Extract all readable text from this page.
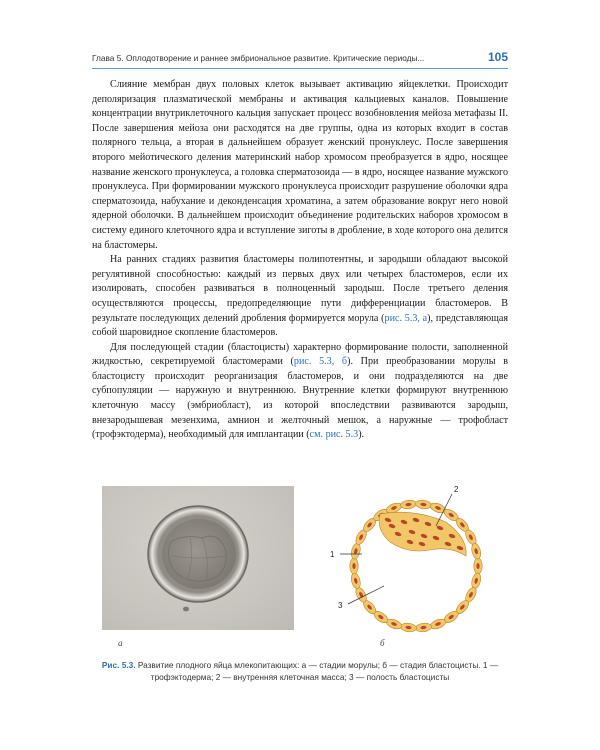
Глава 5. Оплодотворение и раннее эмбриональное развитие. Критические периоды...	105

Слияние мембран двух половых клеток вызывает активацию яйцеклетки. Происходит деполяризация плазматической мембраны и активация кальциевых каналов. Повышение концентрации внутриклеточного кальция запускает процесс возобновления мейоза метафазы II. После завершения мейоза они расходятся на две группы, одна из которых входит в состав полярного тельца, а вторая в дальнейшем образует женский пронуклеус. После завершения второго мейотического деления материнский набор хромосом преобразуется в ядро, носящее название женского пронуклеуса, а головка сперматозоида — в ядро, носящее название мужского пронуклеуса. При формировании мужского пронуклеуса происходит разрушение оболочки ядра сперматозоида, набухание и деконденсация хроматина, а затем образование вокруг него новой ядерной оболочки. В дальнейшем происходит объединение родительских наборов хромосом в систему единого клеточного ядра и вступление зиготы в дробление, в ходе которого она делится на бластомеры.

На ранних стадиях развития бластомеры полипотентны, и зародыши обладают высокой регулятивной способностью: каждый из первых двух или четырех бластомеров, если их изолировать, способен развиваться в полноценный зародыш. После третьего деления осуществляются процессы, предопределяющие пути дифференциации бластомеров. В результате последующих делений дробления формируется морула (рис. 5.3, а), представляющая собой шаровидное скопление бластомеров.

Для последующей стадии (бластоцисты) характерно формирование полости, заполненной жидкостью, секретируемой бластомерами (рис. 5.3, б). При преобразовании морулы в бластоцисту происходит реорганизация бластомеров, и они подразделяются на две субпопуляции — наружную и внутреннюю. Внутренние клетки формируют внутреннюю клеточную массу (эмбриобласт), из которой впоследствии развиваются зародыш, внезародышевая мезенхима, амнион и желточный мешок, а наружные — трофобласт (трофэктодерма), необходимый для имплантации (см. рис. 5.3).

2
1
3
а	б
Рис. 5.3. Развитие плодного яйца млекопитающих: а — стадии морулы; б — стадия бластоцисты. 1 — трофэктодерма; 2 — внутренняя клеточная масса; 3 — полость бластоцисты
